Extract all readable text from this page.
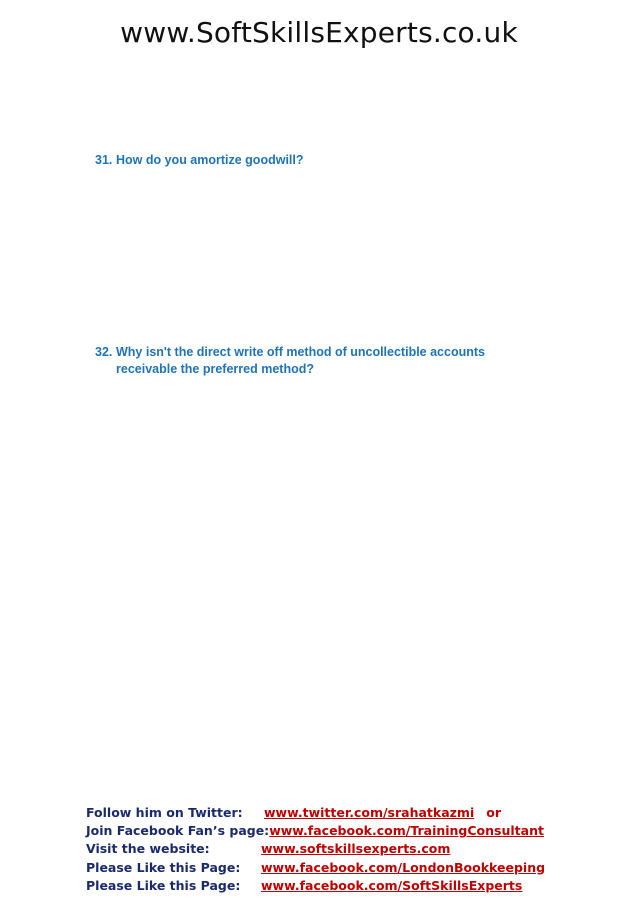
www.SoftSkillsExperts.co.uk
31. How do you amortize goodwill?
32. Why isn't the direct write off method of uncollectible accounts receivable the preferred method?
Follow him on Twitter:	www.twitter.com/srahatkazmi or
Join Facebook Fan’s page: www.facebook.com/TrainingConsultant
Visit the website:	www.softskillsexperts.com
Please Like this Page:	www.facebook.com/LondonBookkeeping
Please Like this Page:	www.facebook.com/SoftSkillsExperts
